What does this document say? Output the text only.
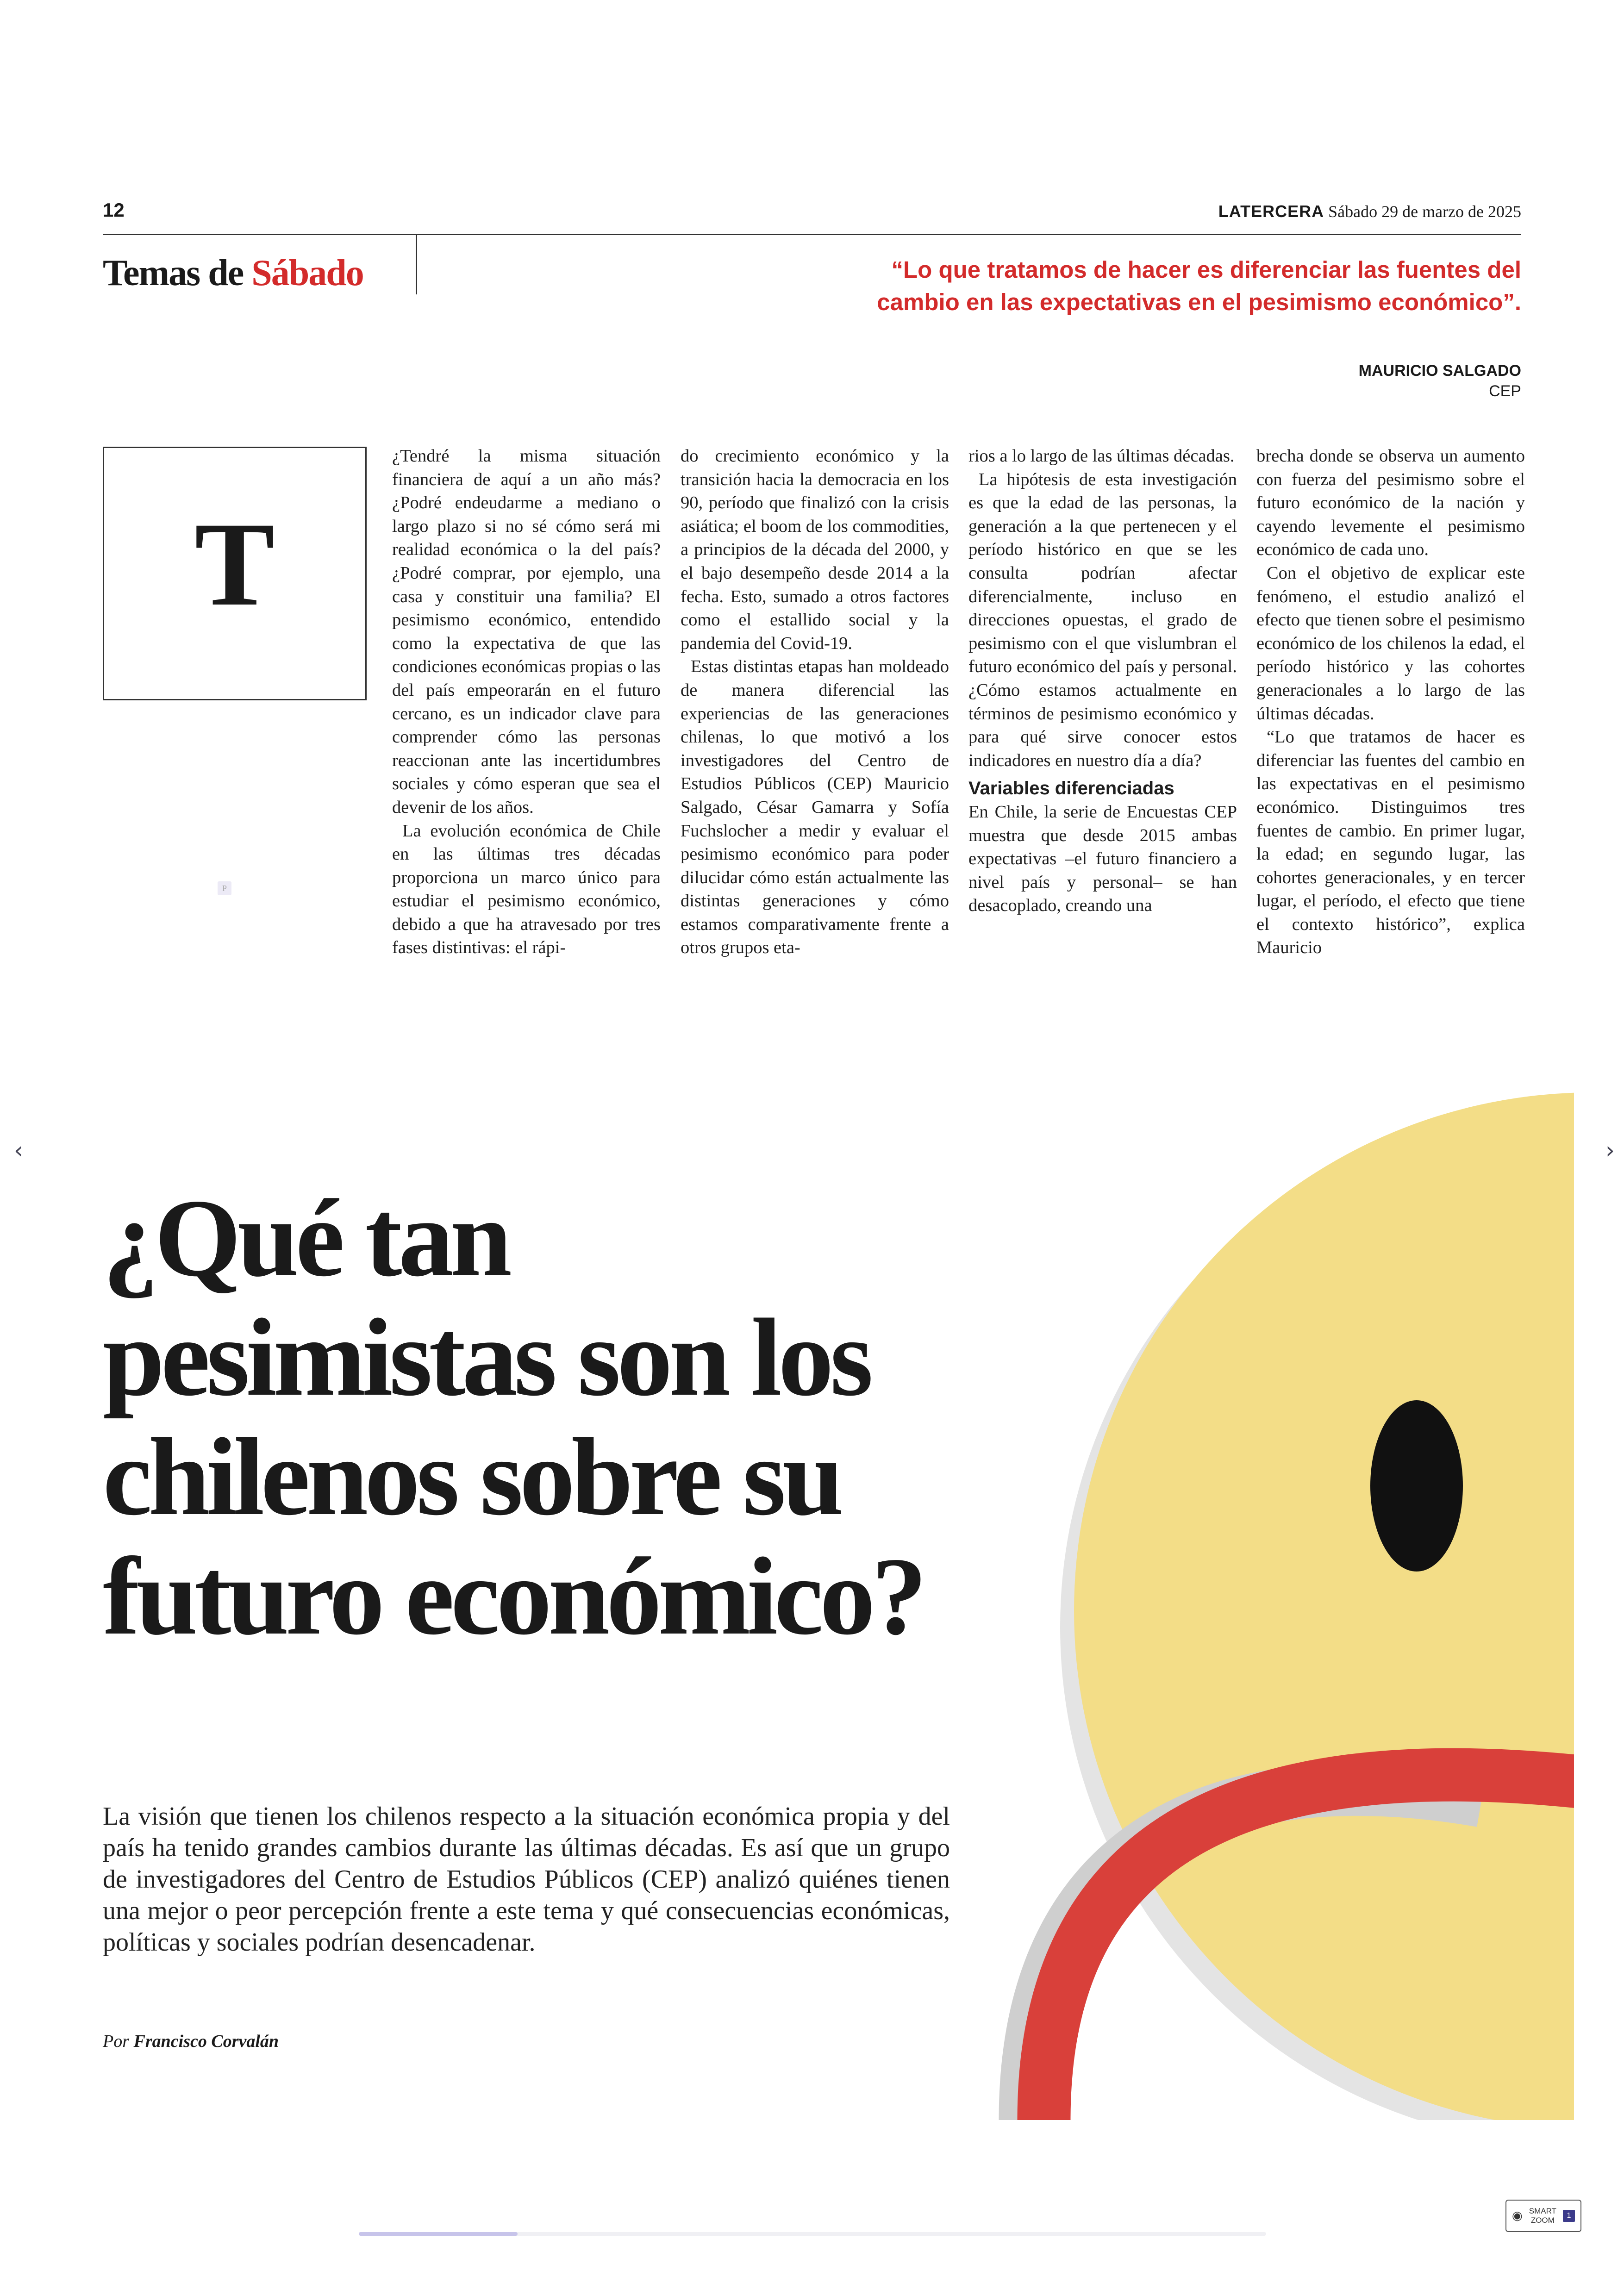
12	LATERCERA Sábado 29 de marzo de 2025
Temas de Sábado	“Lo que tratamos de hacer es diferenciar las fuentes del cambio en las expectativas en el pesimismo económico”.
MAURICIO SALGADO
CEP
T
P

¿Tendré la misma situación financiera de aquí a un año más? ¿Podré endeudarme a mediano o largo plazo si no sé cómo será mi realidad económica o la del país? ¿Podré comprar, por ejemplo, una casa y constituir una familia? El pesimismo económico, entendido como la expectativa de que las condiciones económicas propias o las del país empeorarán en el futuro cercano, es un indicador clave para comprender cómo las personas reaccionan ante las incertidumbres sociales y cómo esperan que sea el devenir de los años.

La evolución económica de Chile en las últimas tres décadas proporciona un marco único para estudiar el pesimismo económico, debido a que ha atravesado por tres fases distintivas: el rápi-

do crecimiento económico y la transición hacia la democracia en los 90, período que finalizó con la crisis asiática; el boom de los commodities, a principios de la década del 2000, y el bajo desempeño desde 2014 a la fecha. Esto, sumado a otros factores como el estallido social y la pandemia del Covid-19.

Estas distintas etapas han moldeado de manera diferencial las experiencias de las generaciones chilenas, lo que motivó a los investigadores del Centro de Estudios Públicos (CEP) Mauricio Salgado, César Gamarra y Sofía Fuchslocher a medir y evaluar el pesimismo económico para poder dilucidar cómo están actualmente las distintas generaciones y cómo estamos comparativamente frente a otros grupos eta-

rios a lo largo de las últimas décadas.

La hipótesis de esta investigación es que la edad de las personas, la generación a la que pertenecen y el período histórico en que se les consulta podrían afectar diferencialmente, incluso en direcciones opuestas, el grado de pesimismo con el que vislumbran el futuro económico del país y personal. ¿Cómo estamos actualmente en términos de pesimismo económico y para qué sirve conocer estos indicadores en nuestro día a día?

Variables diferenciadas

En Chile, la serie de Encuestas CEP muestra que desde 2015 ambas expectativas –el futuro financiero a nivel país y personal– se han desacoplado, creando una

brecha donde se observa un aumento con fuerza del pesimismo sobre el futuro económico de la nación y cayendo levemente el pesimismo económico de cada uno.

Con el objetivo de explicar este fenómeno, el estudio analizó el efecto que tienen sobre el pesimismo económico de los chilenos la edad, el período histórico y las cohortes generacionales a lo largo de las últimas décadas.

“Lo que tratamos de hacer es diferenciar las fuentes del cambio en las expectativas en el pesimismo económico. Distinguimos tres fuentes de cambio. En primer lugar, la edad; en segundo lugar, las cohortes generacionales, y en tercer lugar, el período, el efecto que tiene el contexto histórico”, explica Mauricio

¿Qué tan pesimistas son los chilenos sobre su futuro económico?
La visión que tienen los chilenos respecto a la situación económica propia y del país ha tenido grandes cambios durante las últimas décadas. Es así que un grupo de investigadores del Centro de Estudios Públicos (CEP) analizó quiénes tienen una mejor o peor percepción frente a este tema y qué consecuencias económicas, políticas y sociales podrían desencadenar.
Por Francisco Corvalán
‹	›
◉ SMART
ZOOM
1
